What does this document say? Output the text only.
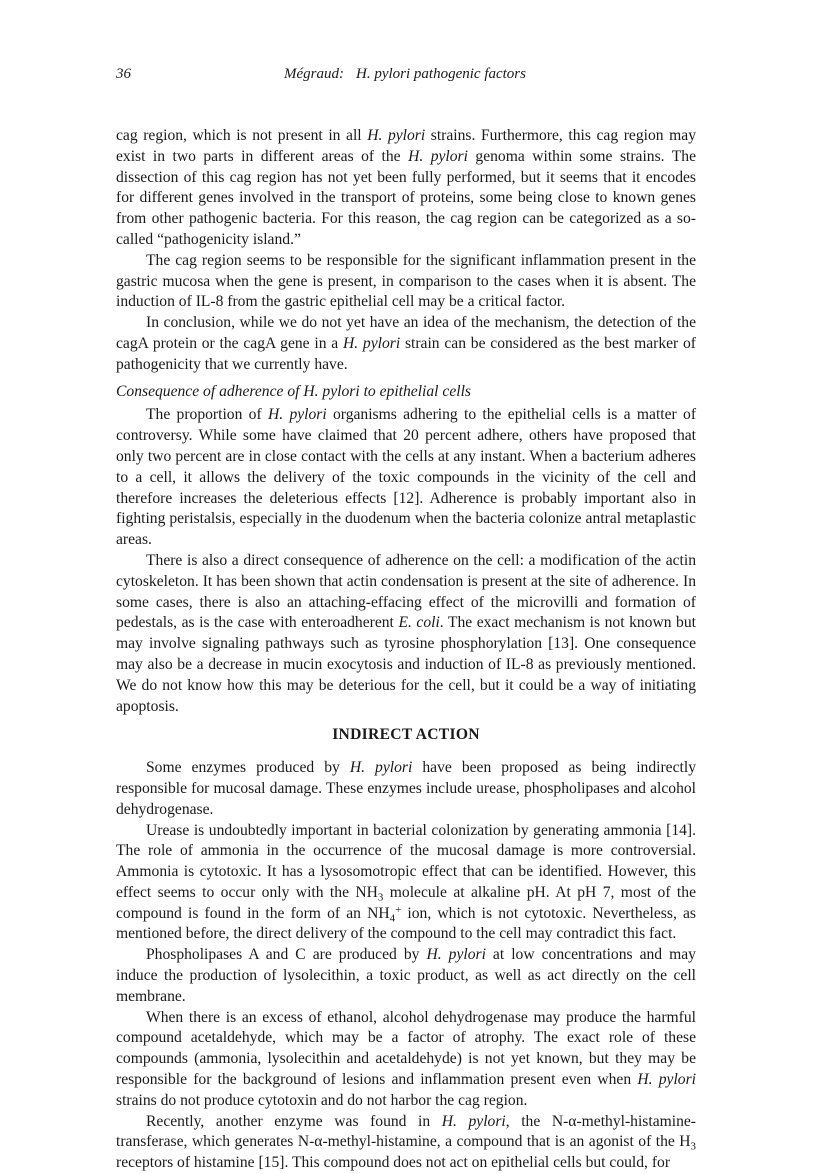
36	Mégraud: H. pylori pathogenic factors

cag region, which is not present in all H. pylori strains. Furthermore, this cag region may exist in two parts in different areas of the H. pylori genoma within some strains. The dissection of this cag region has not yet been fully performed, but it seems that it encodes for different genes involved in the transport of proteins, some being close to known genes from other pathogenic bacteria. For this reason, the cag region can be categorized as a so-called “pathogenicity island.”

The cag region seems to be responsible for the significant inflammation present in the gastric mucosa when the gene is present, in comparison to the cases when it is absent. The induction of IL-8 from the gastric epithelial cell may be a critical factor.

In conclusion, while we do not yet have an idea of the mechanism, the detection of the cagA protein or the cagA gene in a H. pylori strain can be considered as the best marker of pathogenicity that we currently have.

Consequence of adherence of H. pylori to epithelial cells

The proportion of H. pylori organisms adhering to the epithelial cells is a matter of controversy. While some have claimed that 20 percent adhere, others have proposed that only two percent are in close contact with the cells at any instant. When a bacterium adheres to a cell, it allows the delivery of the toxic compounds in the vicinity of the cell and therefore increases the deleterious effects [12]. Adherence is probably important also in fighting peristalsis, especially in the duodenum when the bacteria colonize antral metaplastic areas.

There is also a direct consequence of adherence on the cell: a modification of the actin cytoskeleton. It has been shown that actin condensation is present at the site of adherence. In some cases, there is also an attaching-effacing effect of the microvilli and formation of pedestals, as is the case with enteroadherent E. coli. The exact mechanism is not known but may involve signaling pathways such as tyrosine phosphorylation [13]. One consequence may also be a decrease in mucin exocytosis and induction of IL-8 as previously mentioned. We do not know how this may be deterious for the cell, but it could be a way of initiating apoptosis.

INDIRECT ACTION

Some enzymes produced by H. pylori have been proposed as being indirectly responsible for mucosal damage. These enzymes include urease, phospholipases and alcohol dehydrogenase.

Urease is undoubtedly important in bacterial colonization by generating ammonia [14]. The role of ammonia in the occurrence of the mucosal damage is more controversial. Ammonia is cytotoxic. It has a lysosomotropic effect that can be identified. However, this effect seems to occur only with the $NH_3$ molecule at alkaline pH. At pH 7, most of the compound is found in the form of an $NH_4^+$ ion, which is not cytotoxic. Nevertheless, as mentioned before, the direct delivery of the compound to the cell may contradict this fact.

Phospholipases A and C are produced by H. pylori at low concentrations and may induce the production of lysolecithin, a toxic product, as well as act directly on the cell membrane.

When there is an excess of ethanol, alcohol dehydrogenase may produce the harmful compound acetaldehyde, which may be a factor of atrophy. The exact role of these compounds (ammonia, lysolecithin and acetaldehyde) is not yet known, but they may be responsible for the background of lesions and inflammation present even when H. pylori strains do not produce cytotoxin and do not harbor the cag region.

Recently, another enzyme was found in H. pylori, the N-α-methyl-histamine-transferase, which generates N-α-methyl-histamine, a compound that is an agonist of the $H_3$ receptors of histamine [15]. This compound does not act on epithelial cells but could, for
